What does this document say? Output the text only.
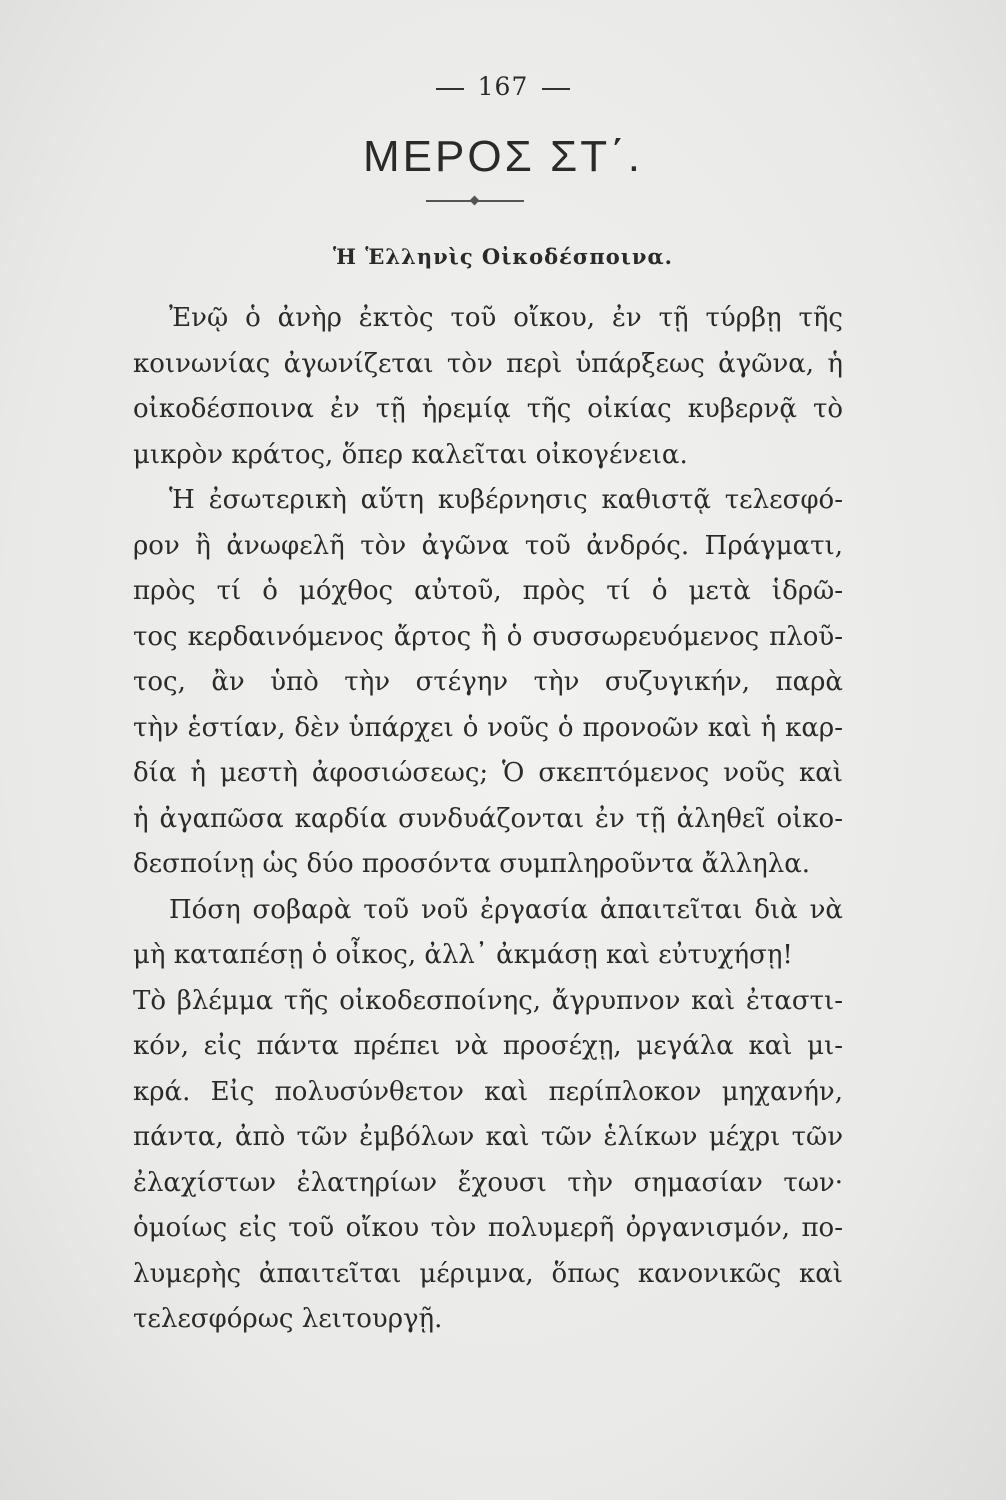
167
ΜΕΡΟΣ ΣΤ΄.
Ἡ Ἑλληνὶς Οἰκοδέσποινα.
Ἐνῷ ὁ ἀνὴρ ἐκτὸς τοῦ οἴκου, ἐν τῇ τύρβῃ τῆς
κοινωνίας ἀγωνίζεται τὸν περὶ ὑπάρξεως ἀγῶνα, ἡ
οἰκοδέσποινα ἐν τῇ ἠρεμίᾳ τῆς οἰκίας κυβερνᾷ τὸ
μικρὸν κράτος, ὅπερ καλεῖται οἰκογένεια.
Ἡ ἐσωτερικὴ αὕτη κυβέρνησις καθιστᾷ τελεσφό-
ρον ἢ ἀνωφελῆ τὸν ἀγῶνα τοῦ ἀνδρός. Πράγματι,
πρὸς τί ὁ μόχθος αὐτοῦ, πρὸς τί ὁ μετὰ ἱδρῶ-
τος κερδαινόμενος ἄρτος ἢ ὁ συσσωρευόμενος πλοῦ-
τος, ἂν ὑπὸ τὴν στέγην τὴν συζυγικήν, παρὰ
τὴν ἑστίαν, δὲν ὑπάρχει ὁ νοῦς ὁ προνοῶν καὶ ἡ καρ-
δία ἡ μεστὴ ἀφοσιώσεως; Ὁ σκεπτόμενος νοῦς καὶ
ἡ ἀγαπῶσα καρδία συνδυάζονται ἐν τῇ ἀληθεῖ οἰκο-
δεσποίνῃ ὡς δύο προσόντα συμπληροῦντα ἄλληλα.
Πόση σοβαρὰ τοῦ νοῦ ἐργασία ἀπαιτεῖται διὰ νὰ
μὴ καταπέσῃ ὁ οἶκος, ἀλλ᾽ ἀκμάσῃ καὶ εὐτυχήσῃ!
Τὸ βλέμμα τῆς οἰκοδεσποίνης, ἄγρυπνον καὶ ἐταστι-
κόν, εἰς πάντα πρέπει νὰ προσέχῃ, μεγάλα καὶ μι-
κρά. Εἰς πολυσύνθετον καὶ περίπλοκον μηχανήν,
πάντα, ἀπὸ τῶν ἐμβόλων καὶ τῶν ἑλίκων μέχρι τῶν
ἐλαχίστων ἐλατηρίων ἔχουσι τὴν σημασίαν των·
ὁμοίως εἰς τοῦ οἴκου τὸν πολυμερῆ ὀργανισμόν, πο-
λυμερὴς ἀπαιτεῖται μέριμνα, ὅπως κανονικῶς καὶ
τελεσφόρως λειτουργῇ.
